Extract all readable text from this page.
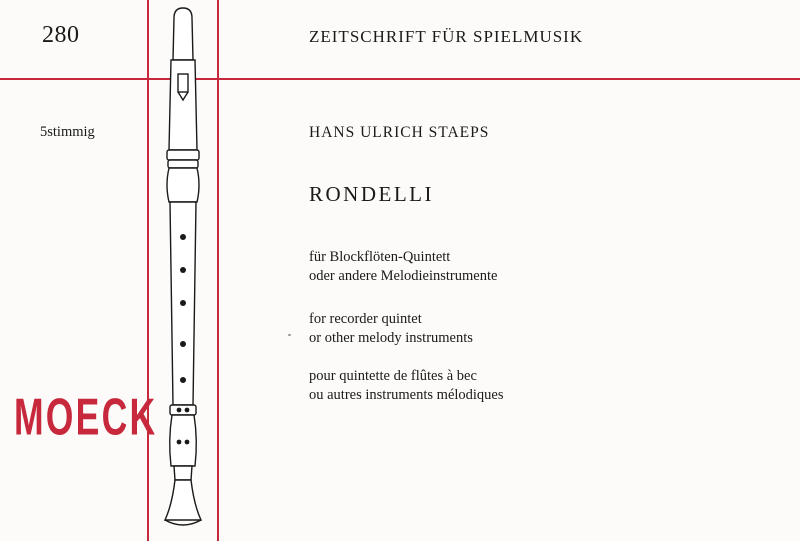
280	ZEITSCHRIFT FÜR SPIELMUSIK
5stimmig	HANS ULRICH STAEPS
RONDELLI
für Blockflöten-Quintett
oder andere Melodieinstrumente
for recorder quintet
or other melody instruments
pour quintette de flûtes à bec
ou autres instruments mélodiques
MOECK
